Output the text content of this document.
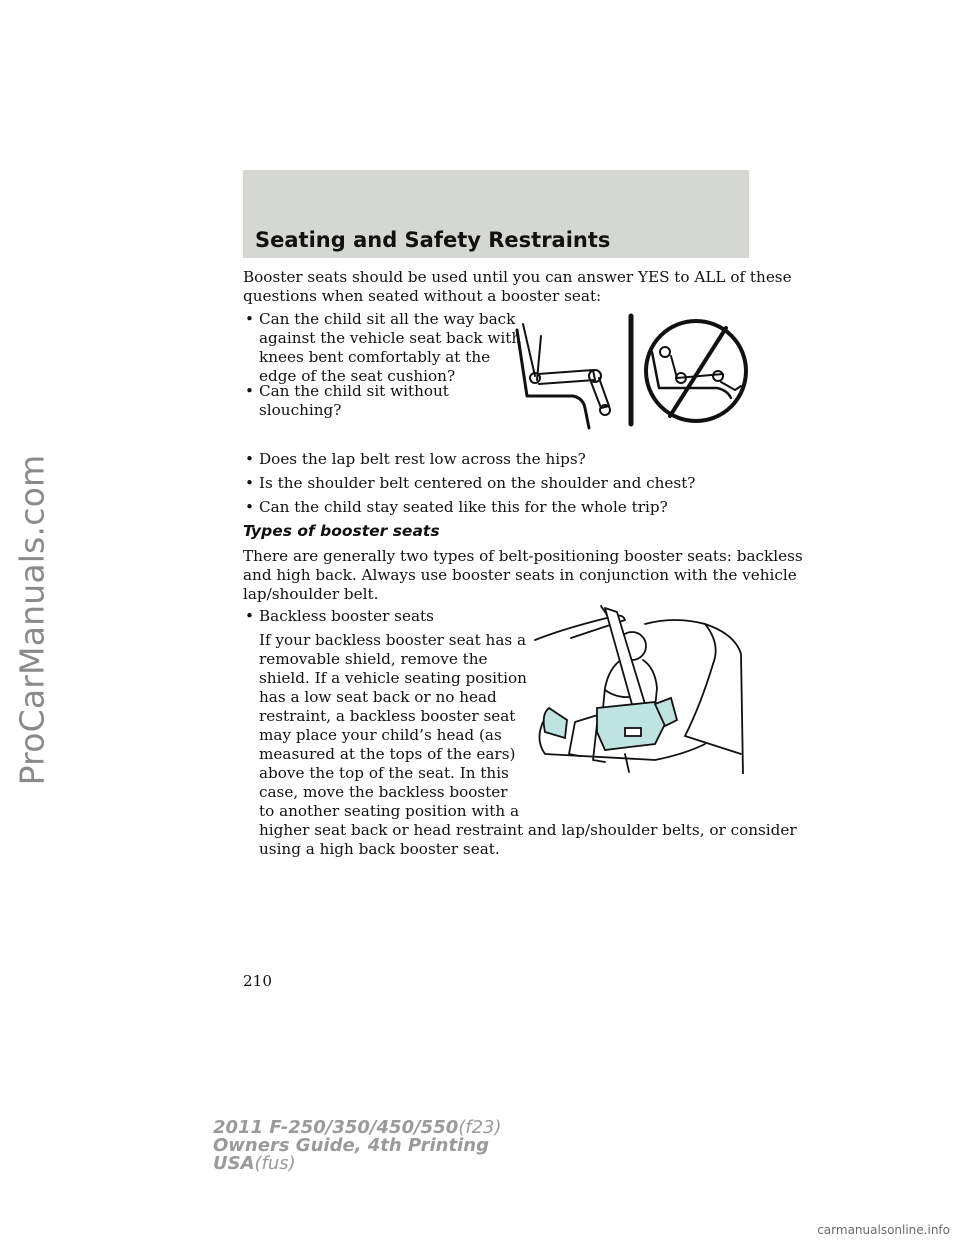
ProCarManuals.com
Seating and Safety Restraints

Booster seats should be used until you can answer YES to ALL of these

questions when seated without a booster seat:

• Can the child sit all the way back

against the vehicle seat back with

knees bent comfortably at the

edge of the seat cushion?

• Can the child sit without

slouching?

• Does the lap belt rest low across the hips?

• Is the shoulder belt centered on the shoulder and chest?

• Can the child stay seated like this for the whole trip?

Types of booster seats

There are generally two types of belt-positioning booster seats: backless

and high back. Always use booster seats in conjunction with the vehicle

lap/shoulder belt.

• Backless booster seats

If your backless booster seat has a

removable shield, remove the

shield. If a vehicle seating position

has a low seat back or no head

restraint, a backless booster seat

may place your child’s head (as

measured at the tops of the ears)

above the top of the seat. In this

case, move the backless booster

to another seating position with a

higher seat back or head restraint and lap/shoulder belts, or consider

using a high back booster seat.

210
2011 F-250/350/450/550(f23)
Owners Guide, 4th Printing
USA(fus)
carmanualsonline.info
